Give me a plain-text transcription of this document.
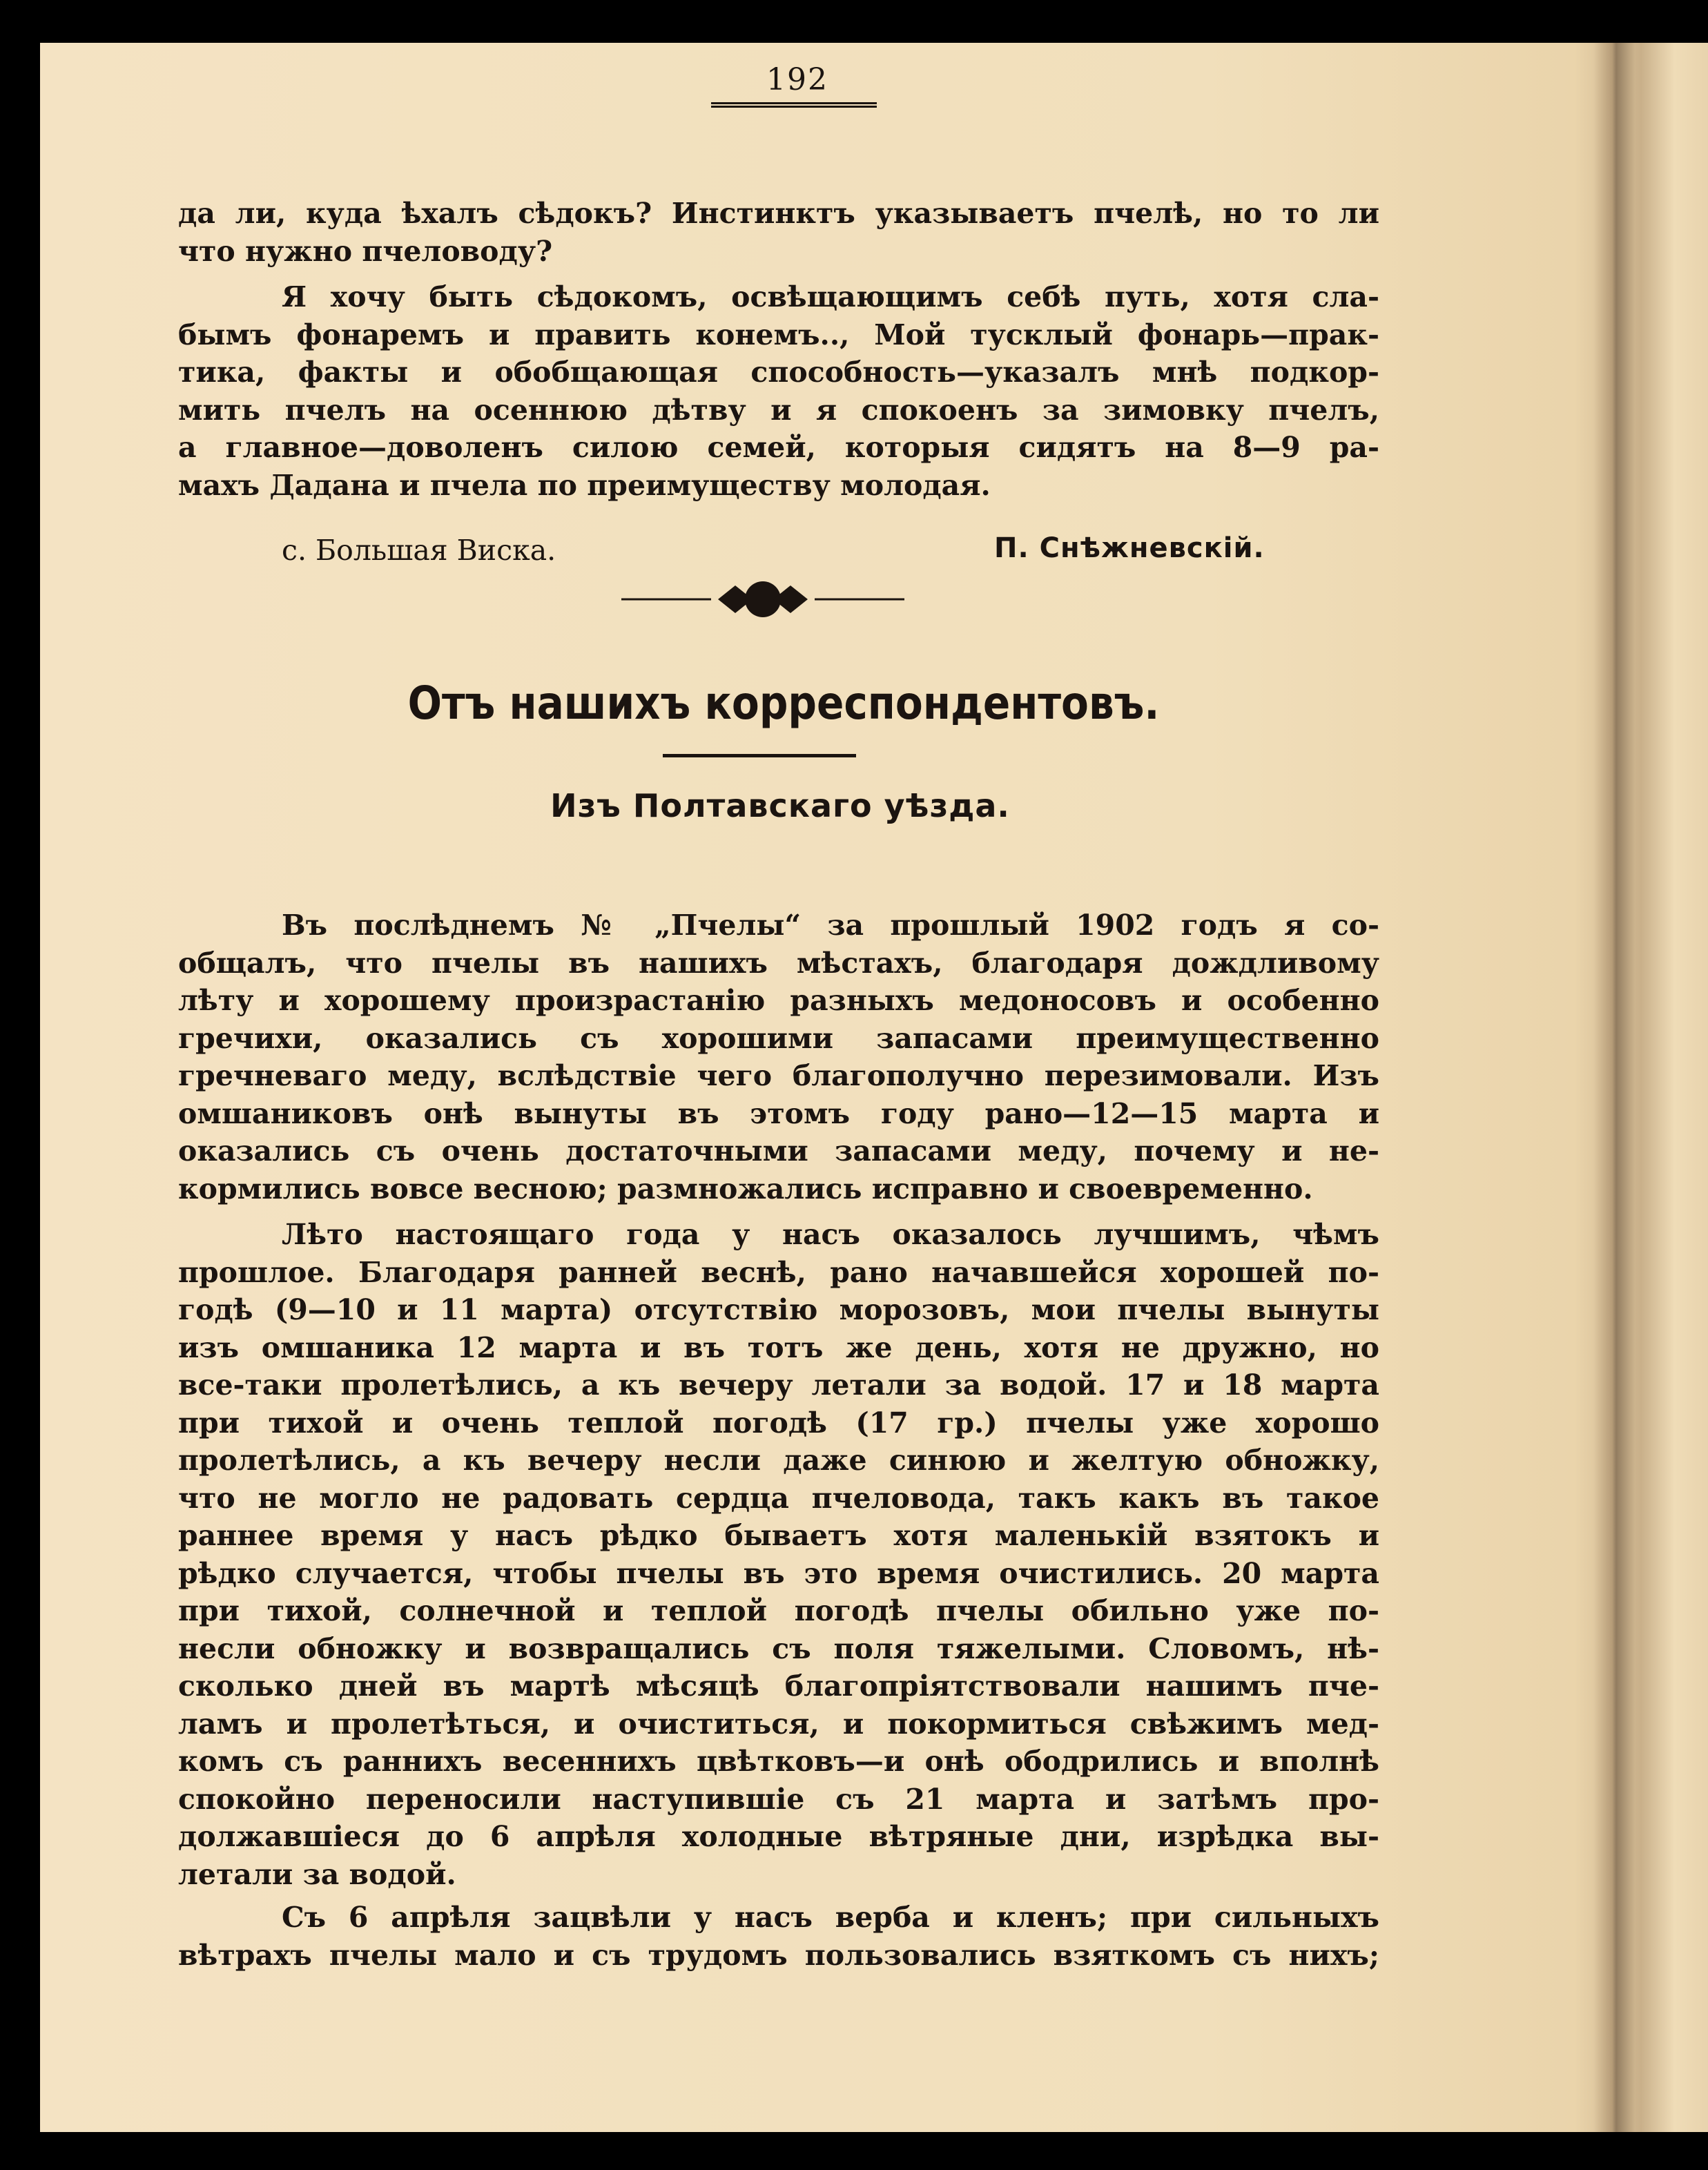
192
да ли, куда ѣхалъ сѣдокъ? Инстинктъ указываетъ пчелѣ, но то ли
что нужно пчеловоду?
Я хочу быть сѣдокомъ, освѣщающимъ себѣ путь, хотя сла-
бымъ фонаремъ и править конемъ.., Мой тусклый фонарь—прак-
тика, факты и обобщающая способность—указалъ мнѣ подкор-
мить пчелъ на осеннюю дѣтву и я спокоенъ за зимовку пчелъ,
а главное—доволенъ силою семей, которыя сидятъ на 8—9 ра-
махъ Дадана и пчела по преимуществу молодая.
с. Большая Виска.	П. Снѣжневскій.
Отъ нашихъ корреспондентовъ.
Изъ Полтавскаго уѣзда.
Въ послѣднемъ № „Пчелы“ за прошлый 1902 годъ я со-
общалъ, что пчелы въ нашихъ мѣстахъ, благодаря дождливому
лѣту и хорошему произрастанію разныхъ медоносовъ и особенно
гречихи, оказались съ хорошими запасами преимущественно
гречневаго меду, вслѣдствіе чего благополучно перезимовали. Изъ
омшаниковъ онѣ вынуты въ этомъ году рано—12—15 марта и
оказались съ очень достаточными запасами меду, почему и не-
кормились вовсе весною; размножались исправно и своевременно.
Лѣто настоящаго года у насъ оказалось лучшимъ, чѣмъ
прошлое. Благодаря ранней веснѣ, рано начавшейся хорошей по-
годѣ (9—10 и 11 марта) отсутствію морозовъ, мои пчелы вынуты
изъ омшаника 12 марта и въ тотъ же день, хотя не дружно, но
все-таки пролетѣлись, а къ вечеру летали за водой. 17 и 18 марта
при тихой и очень теплой погодѣ (17 гр.) пчелы уже хорошо
пролетѣлись, а къ вечеру несли даже синюю и желтую обножку,
что не могло не радовать сердца пчеловода, такъ какъ въ такое
раннее время у насъ рѣдко бываетъ хотя маленькій взятокъ и
рѣдко случается, чтобы пчелы въ это время очистились. 20 марта
при тихой, солнечной и теплой погодѣ пчелы обильно уже по-
несли обножку и возвращались съ поля тяжелыми. Словомъ, нѣ-
сколько дней въ мартѣ мѣсяцѣ благопріятствовали нашимъ пче-
ламъ и пролетѣться, и очиститься, и покормиться свѣжимъ мед-
комъ съ раннихъ весеннихъ цвѣтковъ—и онѣ ободрились и вполнѣ
спокойно переносили наступившіе съ 21 марта и затѣмъ про-
должавшіеся до 6 апрѣля холодные вѣтряные дни, изрѣдка вы-
летали за водой.
Съ 6 апрѣля зацвѣли у насъ верба и кленъ; при сильныхъ
вѣтрахъ пчелы мало и съ трудомъ пользовались взяткомъ съ нихъ;
